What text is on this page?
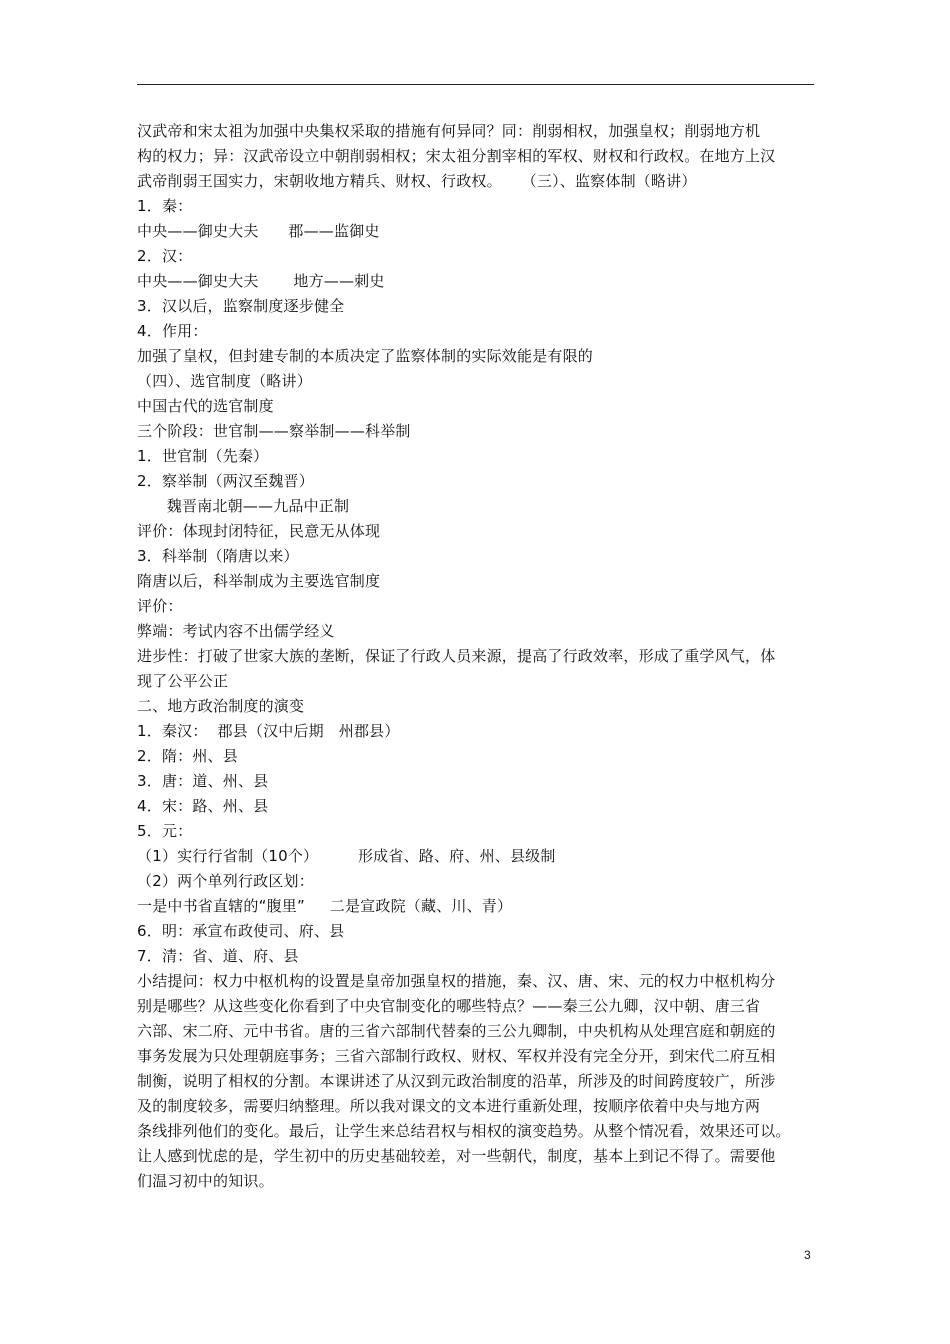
汉武帝和宋太祖为加强中央集权采取的措施有何异同？同：削弱相权，加强皇权；削弱地方机
构的权力；异：汉武帝设立中朝削弱相权；宋太祖分割宰相的军权、财权和行政权。在地方上汉
武帝削弱王国实力，宋朝收地方精兵、财权、行政权。    （三）、监察体制（略讲）
1．秦：
中央——御史大夫      郡——监御史
2．汉：
中央——御史大夫       地方——刺史
3．汉以后，监察制度逐步健全
4．作用：
加强了皇权，但封建专制的本质决定了监察体制的实际效能是有限的
（四）、选官制度（略讲）
中国古代的选官制度
三个阶段：世官制——察举制——科举制
1．世官制（先秦）
2．察举制（两汉至魏晋）
魏晋南北朝——九品中正制
评价：体现封闭特征，民意无从体现
3．科举制（隋唐以来）
隋唐以后，科举制成为主要选官制度
评价：
弊端：考试内容不出儒学经义
进步性：打破了世家大族的垄断，保证了行政人员来源，提高了行政效率，形成了重学风气，体
现了公平公正
二、地方政治制度的演变
1．秦汉：  郡县（汉中后期   州郡县）
2．隋：州、县
3．唐：道、州、县
4．宋：路、州、县
5．元：
（1）实行行省制（10个）        形成省、路、府、州、县级制
（2）两个单列行政区划：
一是中书省直辖的“腹里”     二是宣政院（藏、川、青）
6．明：承宣布政使司、府、县
7．清：省、道、府、县
小结提问：权力中枢机构的设置是皇帝加强皇权的措施，秦、汉、唐、宋、元的权力中枢机构分
别是哪些？从这些变化你看到了中央官制变化的哪些特点？——秦三公九卿，汉中朝、唐三省
六部、宋二府、元中书省。唐的三省六部制代替秦的三公九卿制，中央机构从处理宫庭和朝庭的
事务发展为只处理朝庭事务；三省六部制行政权、财权、军权并没有完全分开，到宋代二府互相
制衡，说明了相权的分割。本课讲述了从汉到元政治制度的沿革，所涉及的时间跨度较广，所涉
及的制度较多，需要归纳整理。所以我对课文的文本进行重新处理，按顺序依着中央与地方两
条线排列他们的变化。最后，让学生来总结君权与相权的演变趋势。从整个情况看，效果还可以。
让人感到忧虑的是，学生初中的历史基础较差，对一些朝代，制度，基本上到记不得了。需要他
们温习初中的知识。
3
